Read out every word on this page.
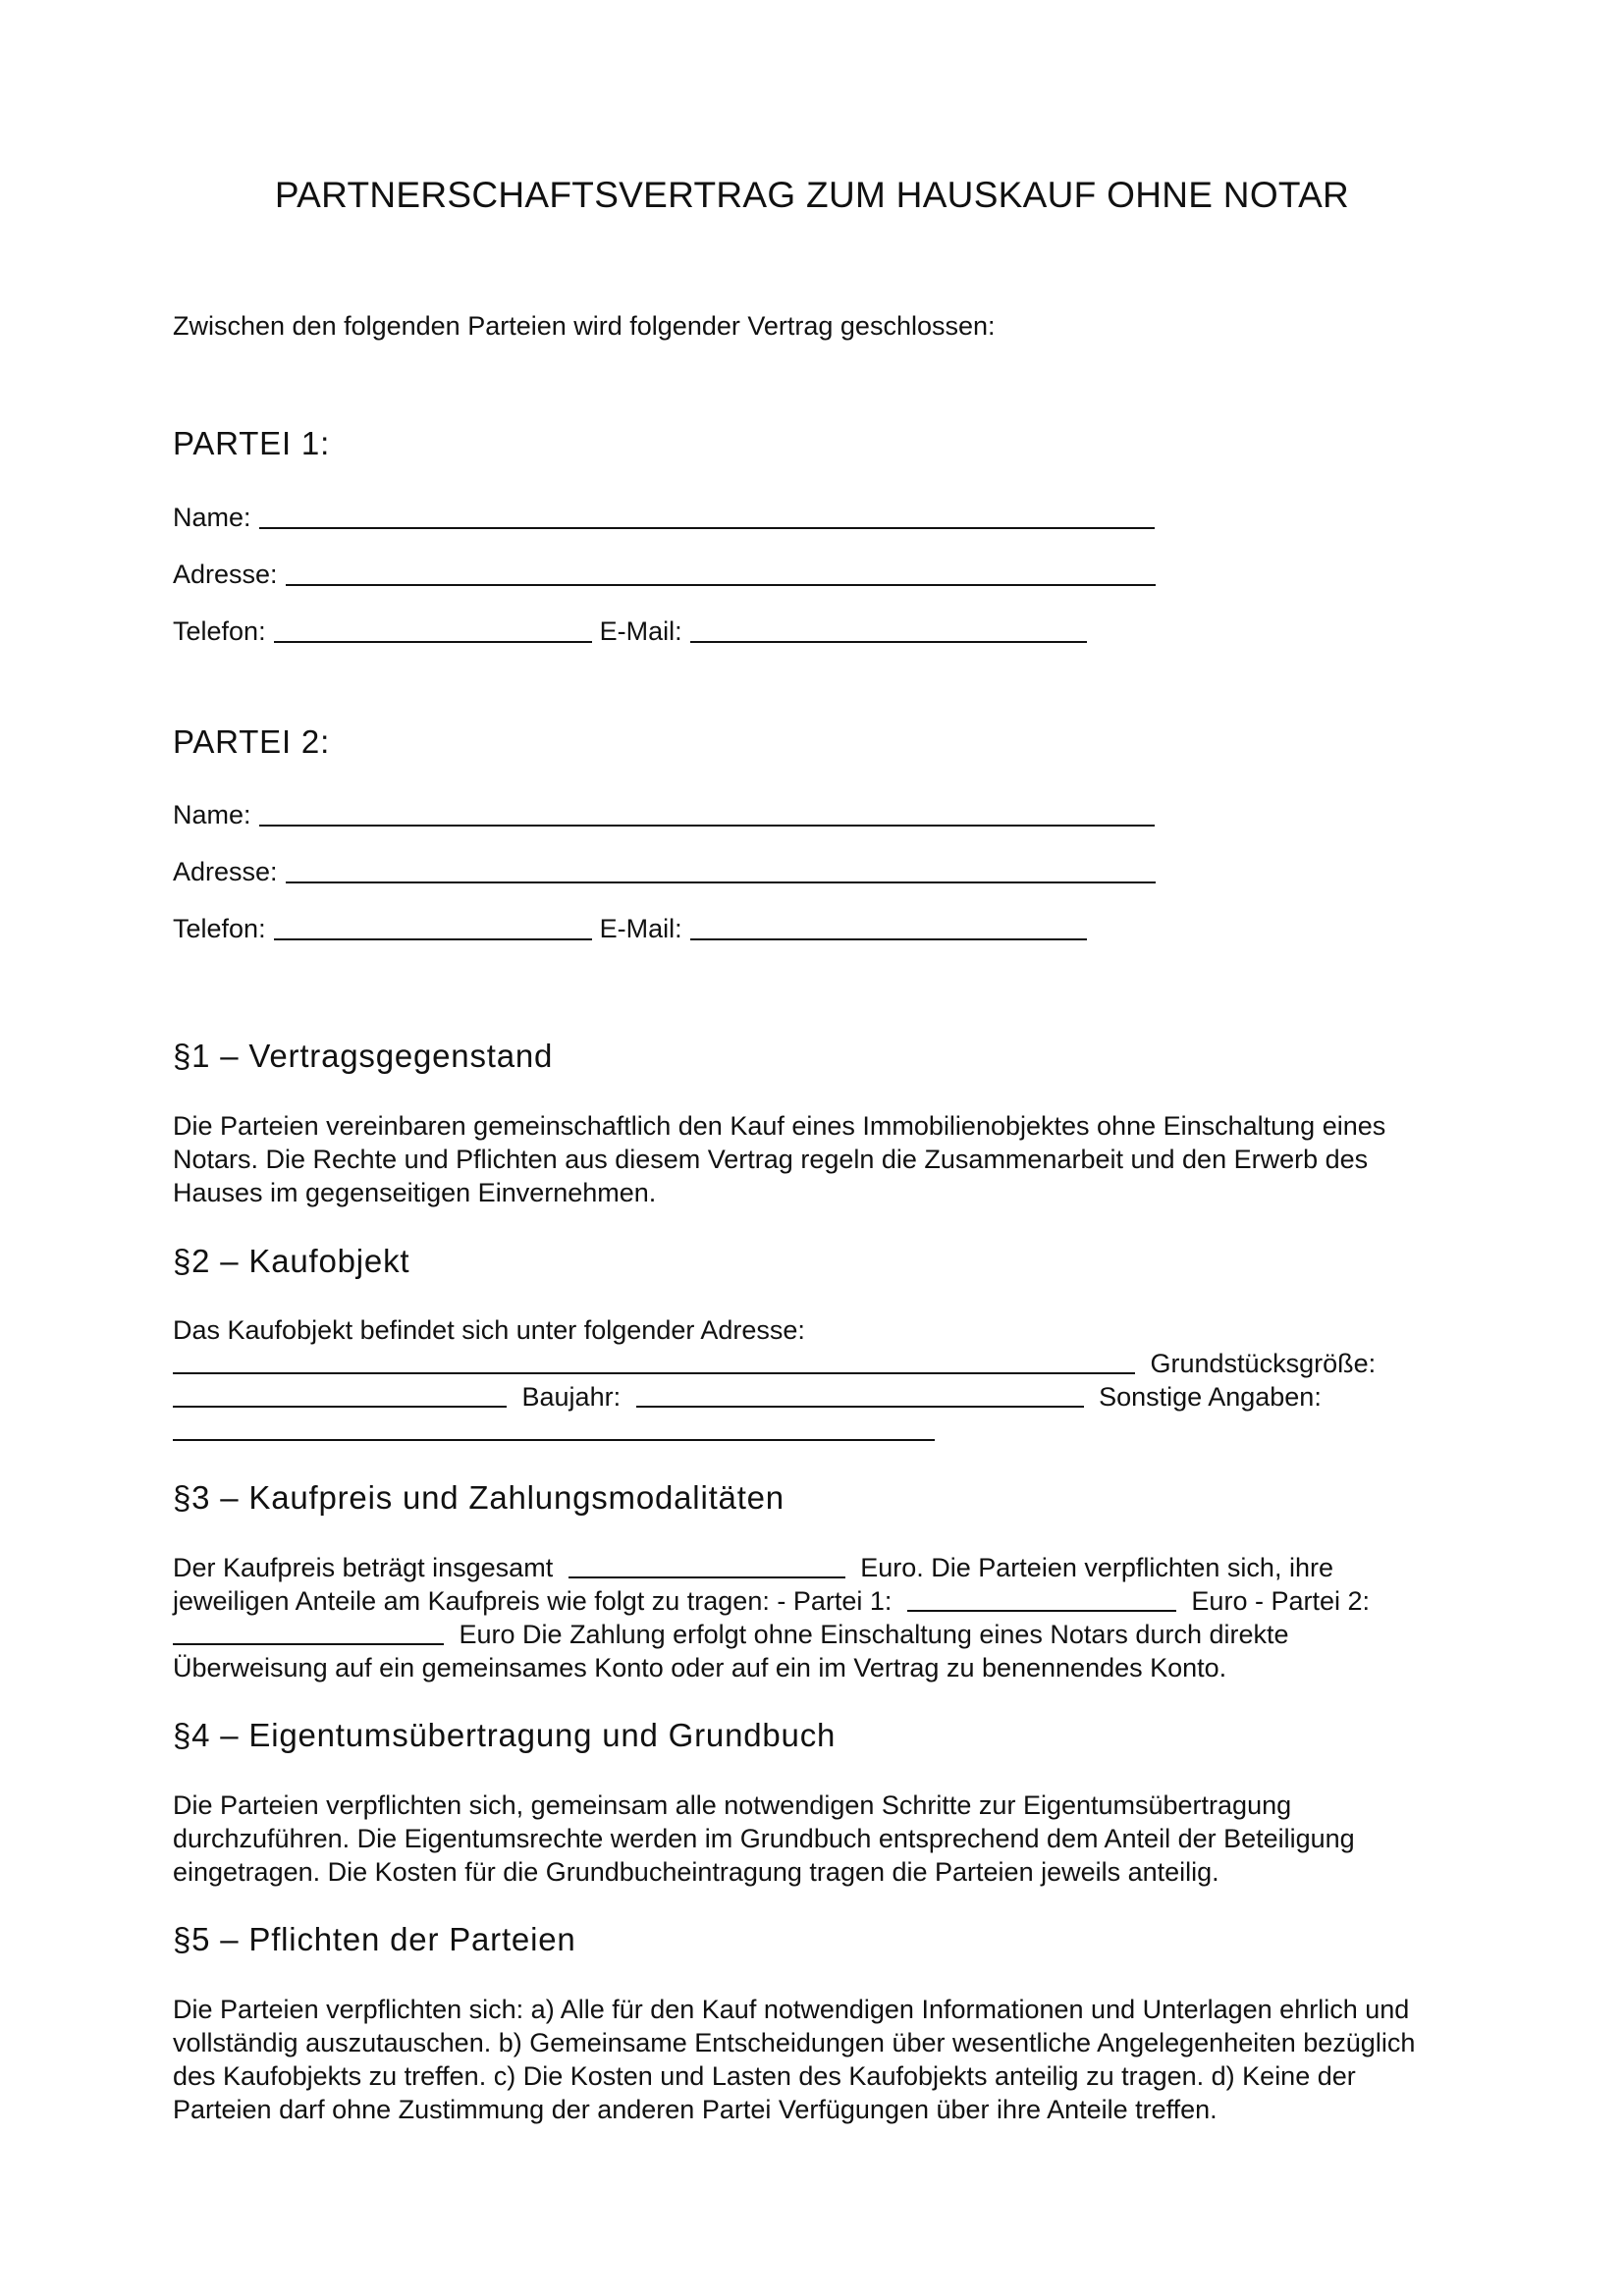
PARTNERSCHAFTSVERTRAG ZUM HAUSKAUF OHNE NOTAR
Zwischen den folgenden Parteien wird folgender Vertrag geschlossen:
PARTEI 1:
Name:
Adresse:
Telefon:	E-Mail:
PARTEI 2:
Name:
Adresse:
Telefon:	E-Mail:
§1 – Vertragsgegenstand
Die Parteien vereinbaren gemeinschaftlich den Kauf eines Immobilienobjektes ohne Einschaltung eines
Notars. Die Rechte und Pflichten aus diesem Vertrag regeln die Zusammenarbeit und den Erwerb des
Hauses im gegenseitigen Einvernehmen.
§2 – Kaufobjekt
Das Kaufobjekt befindet sich unter folgender Adresse:
Grundstücksgröße:
Baujahr:	Sonstige Angaben:
§3 – Kaufpreis und Zahlungsmodalitäten
Der Kaufpreis beträgt insgesamt	Euro. Die Parteien verpflichten sich, ihre
jeweiligen Anteile am Kaufpreis wie folgt zu tragen: - Partei 1:	Euro - Partei 2:
Euro Die Zahlung erfolgt ohne Einschaltung eines Notars durch direkte
Überweisung auf ein gemeinsames Konto oder auf ein im Vertrag zu benennendes Konto.
§4 – Eigentumsübertragung und Grundbuch
Die Parteien verpflichten sich, gemeinsam alle notwendigen Schritte zur Eigentumsübertragung
durchzuführen. Die Eigentumsrechte werden im Grundbuch entsprechend dem Anteil der Beteiligung
eingetragen. Die Kosten für die Grundbucheintragung tragen die Parteien jeweils anteilig.
§5 – Pflichten der Parteien
Die Parteien verpflichten sich: a) Alle für den Kauf notwendigen Informationen und Unterlagen ehrlich und
vollständig auszutauschen. b) Gemeinsame Entscheidungen über wesentliche Angelegenheiten bezüglich
des Kaufobjekts zu treffen. c) Die Kosten und Lasten des Kaufobjekts anteilig zu tragen. d) Keine der
Parteien darf ohne Zustimmung der anderen Partei Verfügungen über ihre Anteile treffen.
